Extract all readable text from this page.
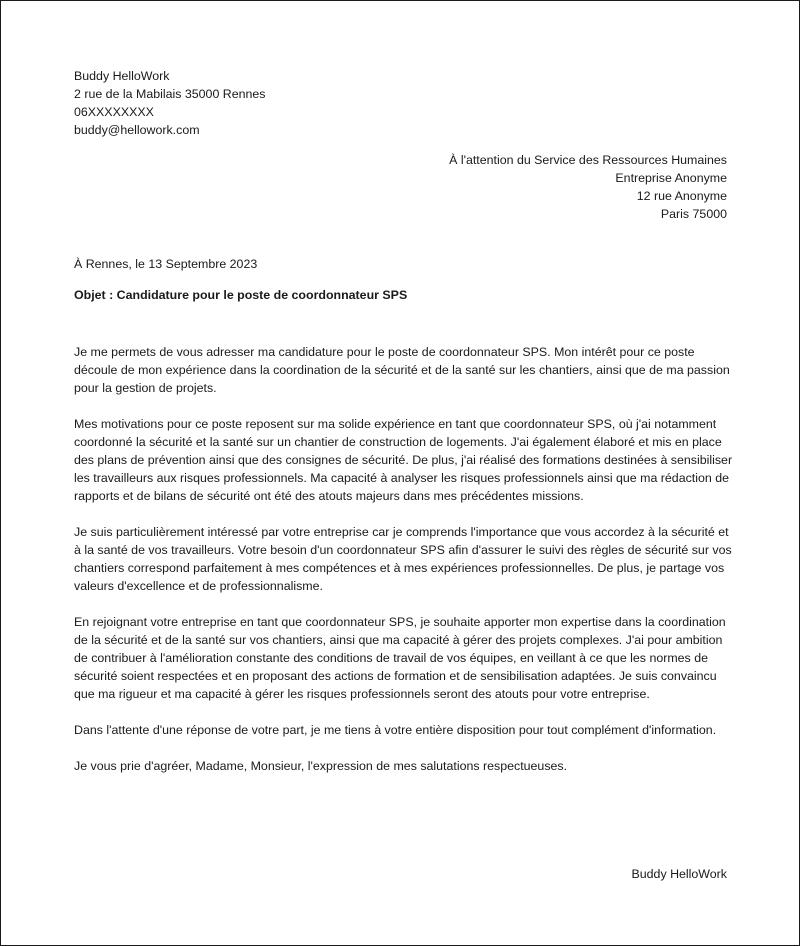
Buddy HelloWork
2 rue de la Mabilais 35000 Rennes
06XXXXXXXX
buddy@hellowork.com
À l'attention du Service des Ressources Humaines
Entreprise Anonyme
12 rue Anonyme
Paris 75000
À Rennes, le 13 Septembre 2023
Objet : Candidature pour le poste de coordonnateur SPS

Je me permets de vous adresser ma candidature pour le poste de coordonnateur SPS. Mon intérêt pour ce poste découle de mon expérience dans la coordination de la sécurité et de la santé sur les chantiers, ainsi que de ma passion pour la gestion de projets.

Mes motivations pour ce poste reposent sur ma solide expérience en tant que coordonnateur SPS, où j'ai notamment coordonné la sécurité et la santé sur un chantier de construction de logements. J'ai également élaboré et mis en place des plans de prévention ainsi que des consignes de sécurité. De plus, j'ai réalisé des formations destinées à sensibiliser les travailleurs aux risques professionnels. Ma capacité à analyser les risques professionnels ainsi que ma rédaction de rapports et de bilans de sécurité ont été des atouts majeurs dans mes précédentes missions.

Je suis particulièrement intéressé par votre entreprise car je comprends l'importance que vous accordez à la sécurité et à la santé de vos travailleurs. Votre besoin d'un coordonnateur SPS afin d'assurer le suivi des règles de sécurité sur vos chantiers correspond parfaitement à mes compétences et à mes expériences professionnelles. De plus, je partage vos valeurs d'excellence et de professionnalisme.

En rejoignant votre entreprise en tant que coordonnateur SPS, je souhaite apporter mon expertise dans la coordination de la sécurité et de la santé sur vos chantiers, ainsi que ma capacité à gérer des projets complexes. J'ai pour ambition de contribuer à l'amélioration constante des conditions de travail de vos équipes, en veillant à ce que les normes de sécurité soient respectées et en proposant des actions de formation et de sensibilisation adaptées. Je suis convaincu que ma rigueur et ma capacité à gérer les risques professionnels seront des atouts pour votre entreprise.

Dans l'attente d'une réponse de votre part, je me tiens à votre entière disposition pour tout complément d'information.

Je vous prie d'agréer, Madame, Monsieur, l'expression de mes salutations respectueuses.

Buddy HelloWork
